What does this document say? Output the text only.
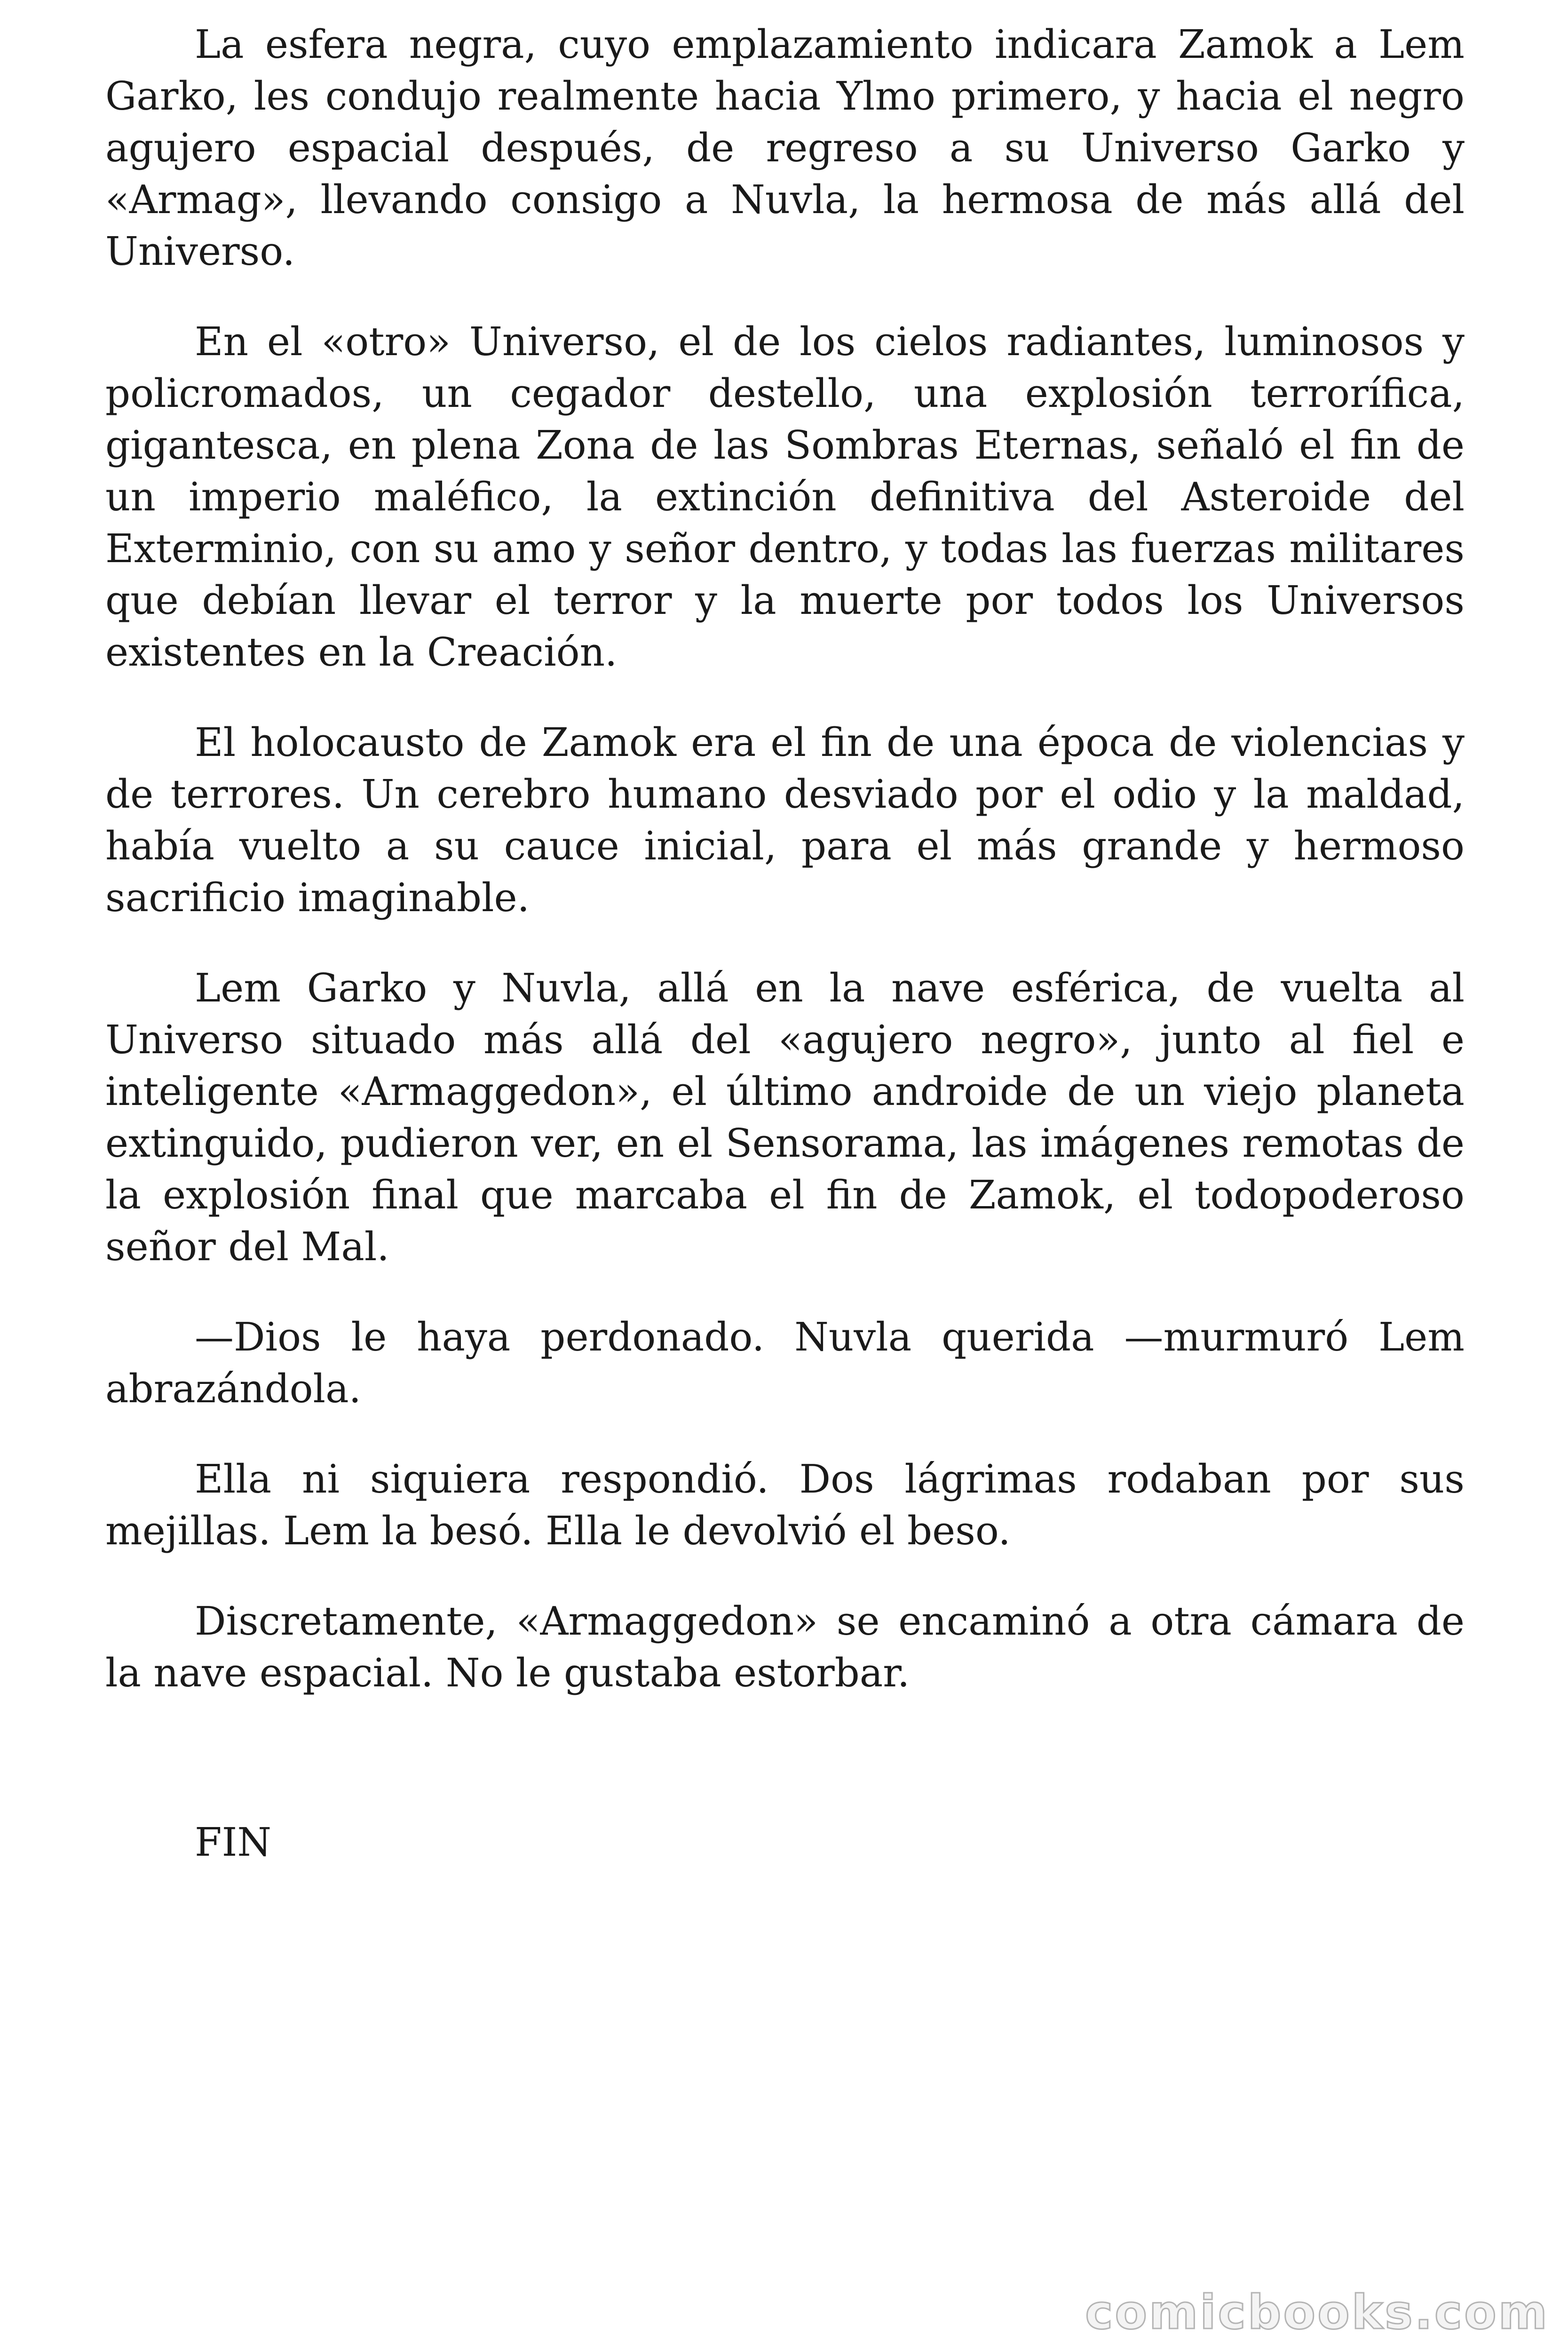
La esfera negra, cuyo emplazamiento indicara Zamok a Lem Garko, les condujo realmente hacia Ylmo primero, y hacia el negro agujero espacial después, de regreso a su Universo Garko y «Armag», llevando consigo a Nuvla, la hermosa de más allá del Universo.

En el «otro» Universo, el de los cielos radiantes, luminosos y policromados, un cegador destello, una explosión terrorífica, gigantesca, en plena Zona de las Sombras Eternas, señaló el fin de un imperio maléfico, la extinción definitiva del Asteroide del Exterminio, con su amo y señor dentro, y todas las fuerzas militares que debían llevar el terror y la muerte por todos los Universos existentes en la Creación.

El holocausto de Zamok era el fin de una época de violencias y de terrores. Un cerebro humano desviado por el odio y la maldad, había vuelto a su cauce inicial, para el más grande y hermoso sacrificio imaginable.

Lem Garko y Nuvla, allá en la nave esférica, de vuelta al Universo situado más allá del «agujero negro», junto al fiel e inteligente «Armaggedon», el último androide de un viejo planeta extinguido, pudieron ver, en el Sensorama, las imágenes remotas de la explosión final que marcaba el fin de Zamok, el todopoderoso señor del Mal.

—Dios le haya perdonado. Nuvla querida —murmuró Lem abrazándola.

Ella ni siquiera respondió. Dos lágrimas rodaban por sus mejillas. Lem la besó. Ella le devolvió el beso.

Discretamente, «Armaggedon» se encaminó a otra cámara de la nave espacial. No le gustaba estorbar.

FIN

comicbooks.com
